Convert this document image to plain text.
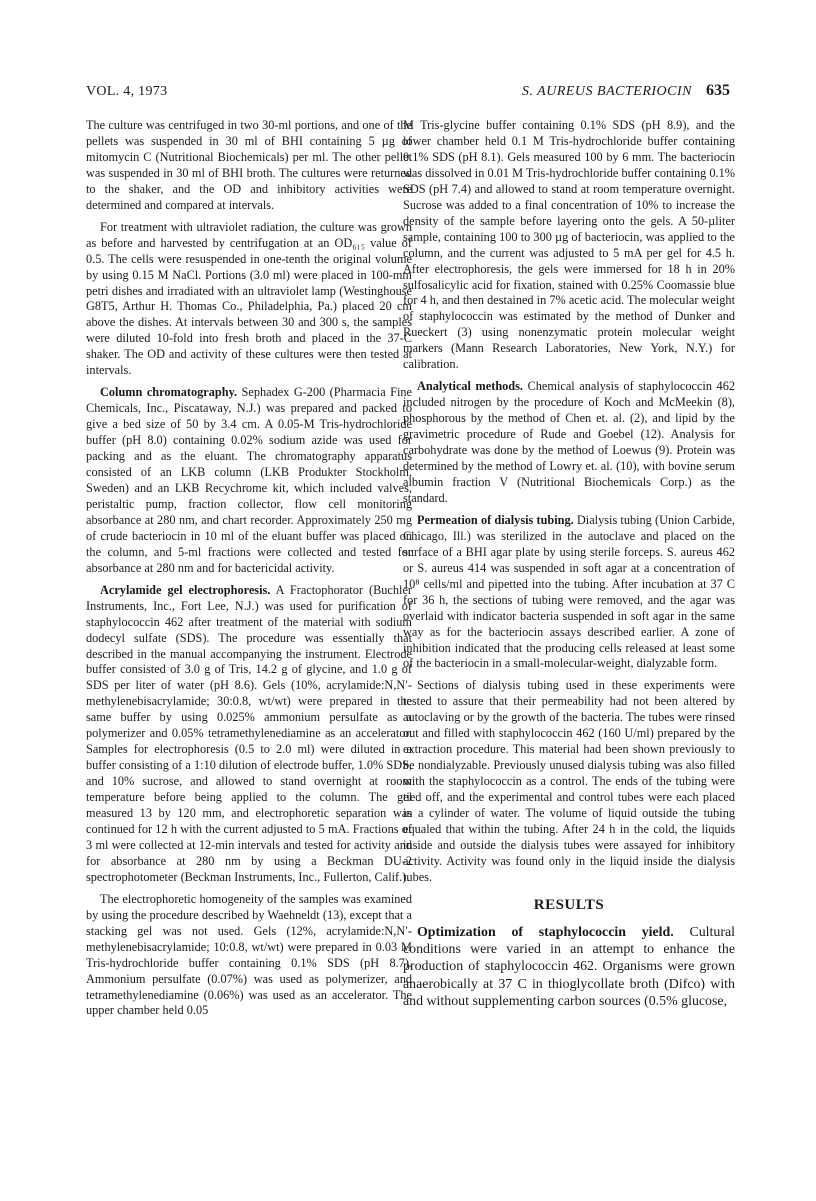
VOL. 4, 1973	S. AUREUS BACTERIOCIN 635

The culture was centrifuged in two 30-ml portions, and one of the pellets was suspended in 30 ml of BHI containing 5 µg of mitomycin C (Nutritional Biochemicals) per ml. The other pellet was suspended in 30 ml of BHI broth. The cultures were returned to the shaker, and the OD and inhibitory activities were determined and compared at intervals.

For treatment with ultraviolet radiation, the culture was grown as before and harvested by centrifugation at an OD₆₁₅ value of 0.5. The cells were resuspended in one-tenth the original volume by using 0.15 M NaCl. Portions (3.0 ml) were placed in 100-mm petri dishes and irradiated with an ultraviolet lamp (Westinghouse G8T5, Arthur H. Thomas Co., Philadelphia, Pa.) placed 20 cm above the dishes. At intervals between 30 and 300 s, the samples were diluted 10-fold into fresh broth and placed in the 37-C shaker. The OD and activity of these cultures were then tested at intervals.

Column chromatography. Sephadex G-200 (Pharmacia Fine Chemicals, Inc., Piscataway, N.J.) was prepared and packed to give a bed size of 50 by 3.4 cm. A 0.05-M Tris-hydrochloride buffer (pH 8.0) containing 0.02% sodium azide was used for packing and as the eluant. The chromatography apparatus consisted of an LKB column (LKB Produkter Stockholm, Sweden) and an LKB Recychrome kit, which included valves, peristaltic pump, fraction collector, flow cell monitoring absorbance at 280 nm, and chart recorder. Approximately 250 mg of crude bacteriocin in 10 ml of the eluant buffer was placed on the column, and 5-ml fractions were collected and tested for absorbance at 280 nm and for bactericidal activity.

Acrylamide gel electrophoresis. A Fractophorator (Buchler Instruments, Inc., Fort Lee, N.J.) was used for purification of staphylococcin 462 after treatment of the material with sodium dodecyl sulfate (SDS). The procedure was essentially that described in the manual accompanying the instrument. Electrode buffer consisted of 3.0 g of Tris, 14.2 g of glycine, and 1.0 g of SDS per liter of water (pH 8.6). Gels (10%, acrylamide:N,N′-methylenebisacrylamide; 30:0.8, wt/wt) were prepared in the same buffer by using 0.025% ammonium persulfate as a polymerizer and 0.05% tetramethylenediamine as an accelerator. Samples for electrophoresis (0.5 to 2.0 ml) were diluted in a buffer consisting of a 1:10 dilution of electrode buffer, 1.0% SDS, and 10% sucrose, and allowed to stand overnight at room temperature before being applied to the column. The gel measured 13 by 120 mm, and electrophoretic separation was continued for 12 h with the current adjusted to 5 mA. Fractions of 3 ml were collected at 12-min intervals and tested for activity and for absorbance at 280 nm by using a Beckman DU-2 spectrophotometer (Beckman Instruments, Inc., Fullerton, Calif.).

The electrophoretic homogeneity of the samples was examined by using the procedure described by Waehneldt (13), except that a stacking gel was not used. Gels (12%, acrylamide:N,N′-methylenebisacrylamide; 10:0.8, wt/wt) were prepared in 0.03 M Tris-hydrochloride buffer containing 0.1% SDS (pH 8.7). Ammonium persulfate (0.07%) was used as polymerizer, and tetramethylenediamine (0.06%) was used as an accelerator. The upper chamber held 0.05

M Tris-glycine buffer containing 0.1% SDS (pH 8.9), and the lower chamber held 0.1 M Tris-hydrochloride buffer containing 0.1% SDS (pH 8.1). Gels measured 100 by 6 mm. The bacteriocin was dissolved in 0.01 M Tris-hydrochloride buffer containing 0.1% SDS (pH 7.4) and allowed to stand at room temperature overnight. Sucrose was added to a final concentration of 10% to increase the density of the sample before layering onto the gels. A 50-µliter sample, containing 100 to 300 µg of bacteriocin, was applied to the column, and the current was adjusted to 5 mA per gel for 4.5 h. After electrophoresis, the gels were immersed for 18 h in 20% sulfosalicylic acid for fixation, stained with 0.25% Coomassie blue for 4 h, and then destained in 7% acetic acid. The molecular weight of staphylococcin was estimated by the method of Dunker and Rueckert (3) using nonenzymatic protein molecular weight markers (Mann Research Laboratories, New York, N.Y.) for calibration.

Analytical methods. Chemical analysis of staphylococcin 462 included nitrogen by the procedure of Koch and McMeekin (8), phosphorous by the method of Chen et. al. (2), and lipid by the gravimetric procedure of Rude and Goebel (12). Analysis for carbohydrate was done by the method of Loewus (9). Protein was determined by the method of Lowry et. al. (10), with bovine serum albumin fraction V (Nutritional Biochemicals Corp.) as the standard.

Permeation of dialysis tubing. Dialysis tubing (Union Carbide, Chicago, Ill.) was sterilized in the autoclave and placed on the surface of a BHI agar plate by using sterile forceps. S. aureus 462 or S. aureus 414 was suspended in soft agar at a concentration of 10⁸ cells/ml and pipetted into the tubing. After incubation at 37 C for 36 h, the sections of tubing were removed, and the agar was overlaid with indicator bacteria suspended in soft agar in the same way as for the bacteriocin assays described earlier. A zone of inhibition indicated that the producing cells released at least some of the bacteriocin in a small-molecular-weight, dialyzable form.

Sections of dialysis tubing used in these experiments were tested to assure that their permeability had not been altered by autoclaving or by the growth of the bacteria. The tubes were rinsed out and filled with staphylococcin 462 (160 U/ml) prepared by the extraction procedure. This material had been shown previously to be nondialyzable. Previously unused dialysis tubing was also filled with the staphylococcin as a control. The ends of the tubing were tied off, and the experimental and control tubes were each placed in a cylinder of water. The volume of liquid outside the tubing equaled that within the tubing. After 24 h in the cold, the liquids inside and outside the dialysis tubes were assayed for inhibitory activity. Activity was found only in the liquid inside the dialysis tubes.

RESULTS

Optimization of staphylococcin yield. Cultural conditions were varied in an attempt to enhance the production of staphylococcin 462. Organisms were grown anaerobically at 37 C in thioglycollate broth (Difco) with and without supplementing carbon sources (0.5% glucose,
